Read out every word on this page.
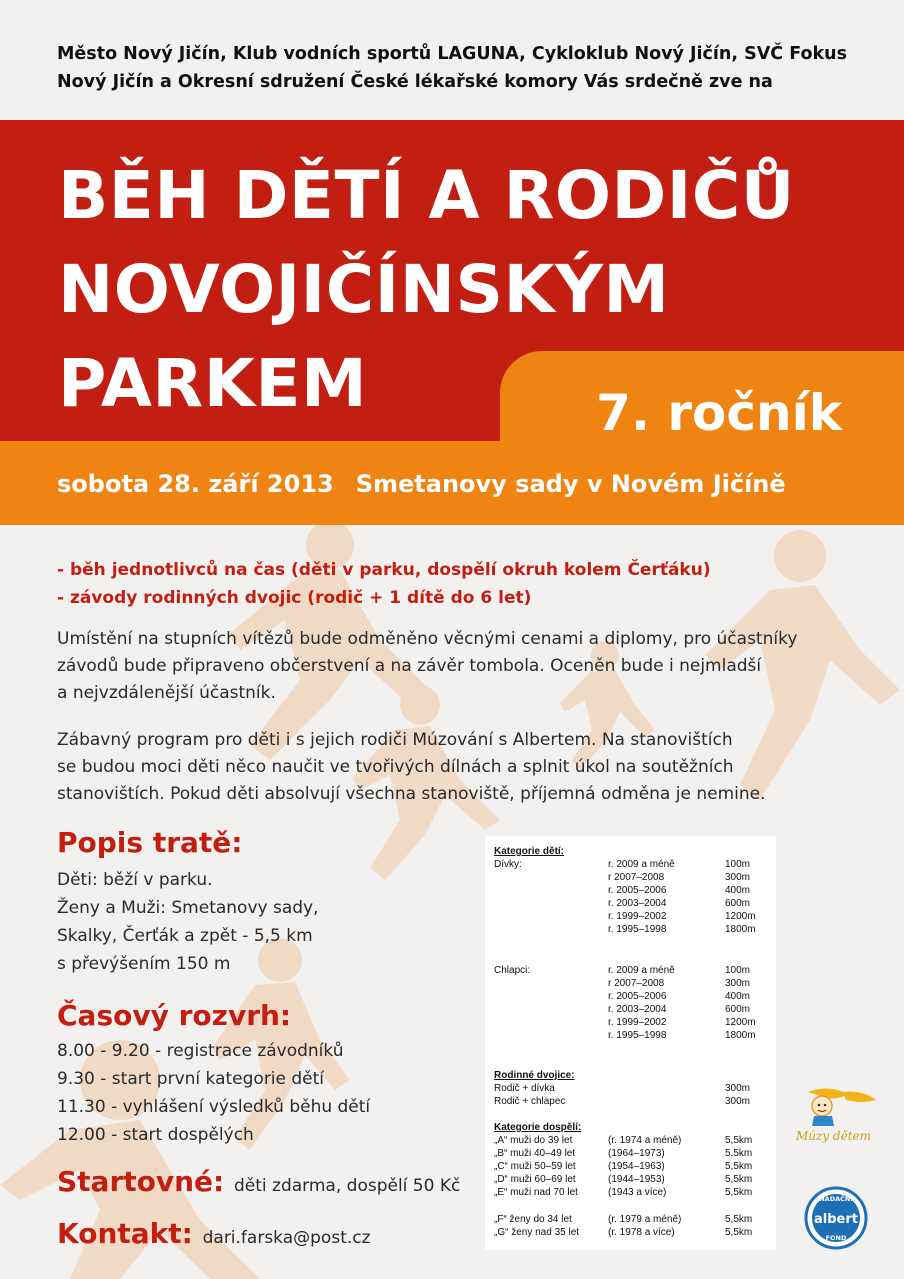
Město Nový Jičín, Klub vodních sportů LAGUNA, Cykloklub Nový Jičín, SVČ Fokus
Nový Jičín a Okresní sdružení České lékařské komory Vás srdečně zve na
BĚH DĚTÍ A RODIČŮ
NOVOJIČÍNSKÝM
PARKEM	7. ročník
sobota 28. září 2013 Smetanovy sady v Novém Jičíně
- běh jednotlivců na čas (děti v parku, dospělí okruh kolem Čerťáku)
- závody rodinných dvojic (rodič + 1 dítě do 6 let)
Umístění na stupních vítězů bude odměněno věcnými cenami a diplomy, pro účastníky
závodů bude připraveno občerstvení a na závěr tombola. Oceněn bude i nejmladší
a nejvzdálenější účastník.
Zábavný program pro děti i s jejich rodiči Múzování s Albertem. Na stanovištích
se budou moci děti něco naučit ve tvořivých dílnách a splnit úkol na soutěžních
stanovištích. Pokud děti absolvují všechna stanoviště, příjemná odměna je nemine.
Popis tratě:
Děti: běží v parku.
Ženy a Muži: Smetanovy sady,
Skalky, Čerťák a zpět - 5,5 km
s převýšením 150 m
Časový rozvrh:
8.00 - 9.20 - registrace závodníků
9.30 - start první kategorie dětí
11.30 - vyhlášení výsledků běhu dětí
12.00 - start dospělých
Startovné: děti zdarma, dospělí 50 Kč
Kontakt: dari.farska@post.cz
Kategorie dětí:
Dívky:	r. 2009 a méně	100m
r 2007–2008	300m
r. 2005–2006	400m
r. 2003–2004	600m
r. 1999–2002	1200m
r. 1995–1998	1800m
Chlapci:	r. 2009 a méně	100m
r 2007–2008	300m
r. 2005–2006	400m
r. 2003–2004	600m
r. 1999–2002	1200m
r. 1995–1998	1800m
Rodinné dvojice:
Rodič + dívka	300m
Rodič + chlapec	300m
Kategorie dospělí:
„A“ muži do 39 let	(r. 1974 a méně)	5,5km
„B“ muži 40–49 let	(1964–1973)	5,5km
„C“ muži 50–59 let	(1954–1963)	5,5km
„D“ muži 60–69 let	(1944–1953)	5,5km
„E“ muži nad 70 let	(1943 a více)	5,5km
„F“ ženy do 34 let	(r. 1979 a méně)	5,5km
„G“ ženy nad 35 let	(r. 1978 a více)	5,5km
Múzy dětem
NADAČNÍ
albert
FOND
